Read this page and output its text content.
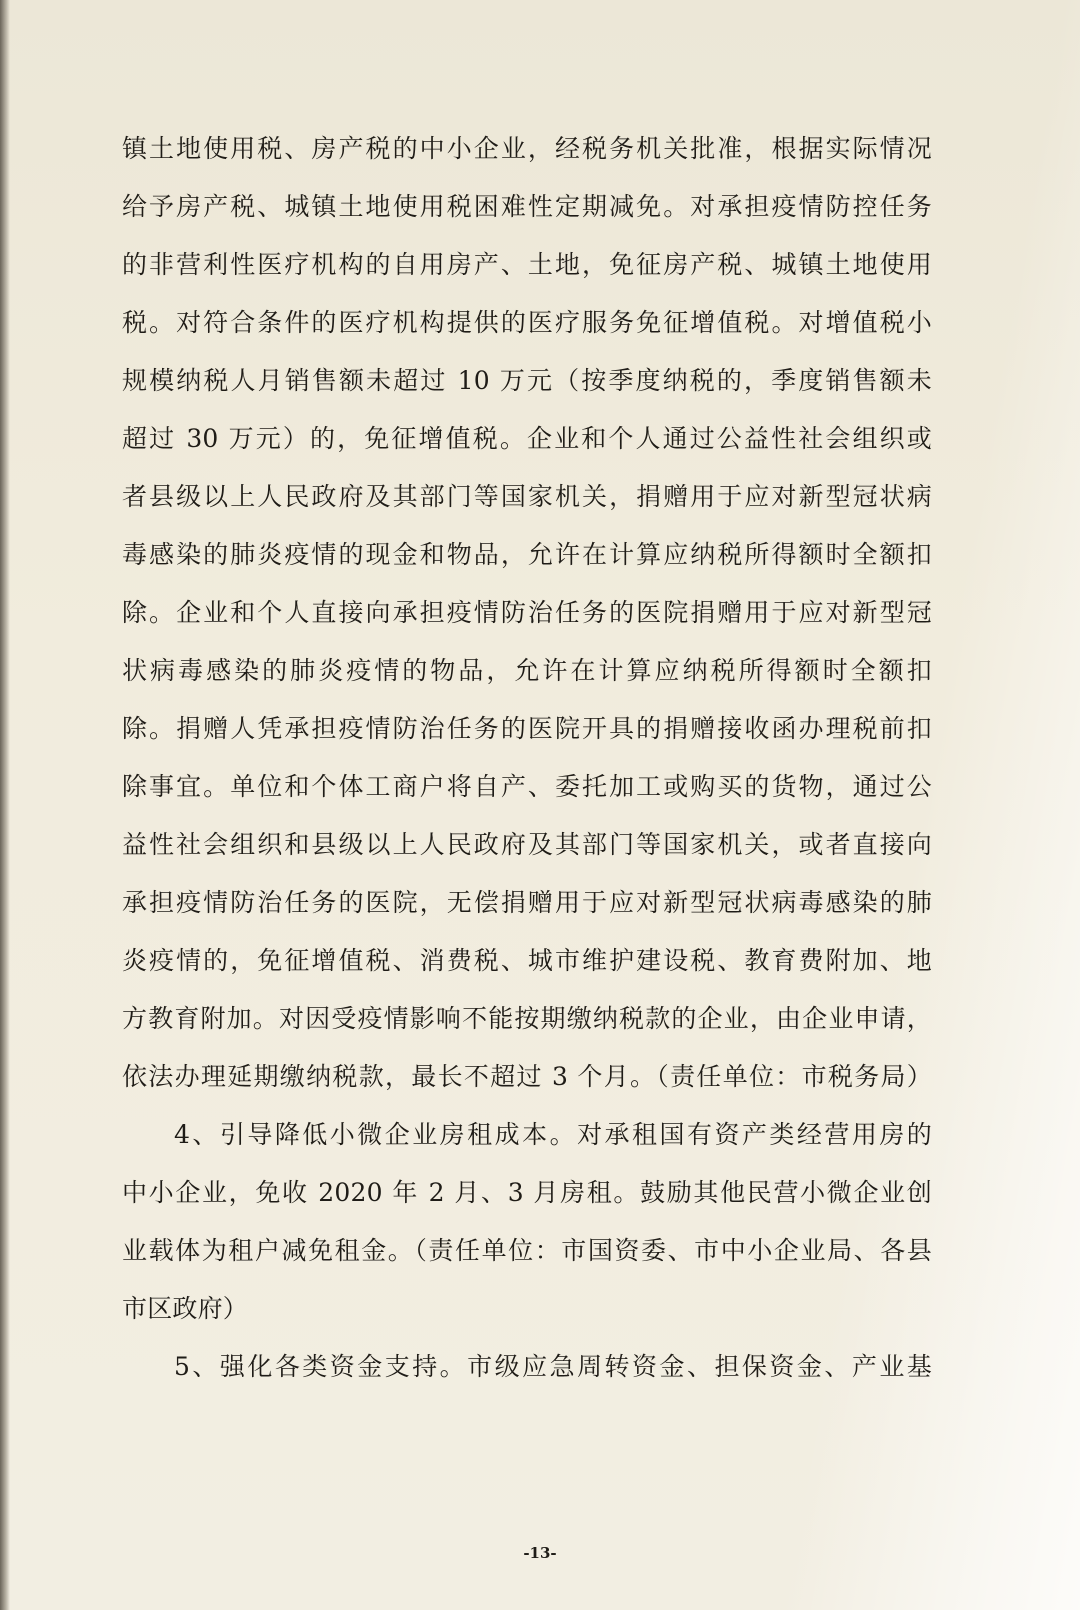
镇土地使用税、房产税的中小企业，经税务机关批准，根据实际情况
给予房产税、城镇土地使用税困难性定期减免。对承担疫情防控任务
的非营利性医疗机构的自用房产、土地，免征房产税、城镇土地使用
税。对符合条件的医疗机构提供的医疗服务免征增值税。对增值税小
规模纳税人月销售额未超过 10 万元（按季度纳税的，季度销售额未
超过 30 万元）的，免征增值税。企业和个人通过公益性社会组织或
者县级以上人民政府及其部门等国家机关，捐赠用于应对新型冠状病
毒感染的肺炎疫情的现金和物品，允许在计算应纳税所得额时全额扣
除。企业和个人直接向承担疫情防治任务的医院捐赠用于应对新型冠
状病毒感染的肺炎疫情的物品，允许在计算应纳税所得额时全额扣
除。捐赠人凭承担疫情防治任务的医院开具的捐赠接收函办理税前扣
除事宜。单位和个体工商户将自产、委托加工或购买的货物，通过公
益性社会组织和县级以上人民政府及其部门等国家机关，或者直接向
承担疫情防治任务的医院，无偿捐赠用于应对新型冠状病毒感染的肺
炎疫情的，免征增值税、消费税、城市维护建设税、教育费附加、地
方教育附加。对因受疫情影响不能按期缴纳税款的企业，由企业申请，
依法办理延期缴纳税款，最长不超过 3 个月。（责任单位：市税务局）
4、引导降低小微企业房租成本。对承租国有资产类经营用房的
中小企业，免收 2020 年 2 月、3 月房租。鼓励其他民营小微企业创
业载体为租户减免租金。（责任单位：市国资委、市中小企业局、各县
市区政府）
5、强化各类资金支持。市级应急周转资金、担保资金、产业基
-13-
